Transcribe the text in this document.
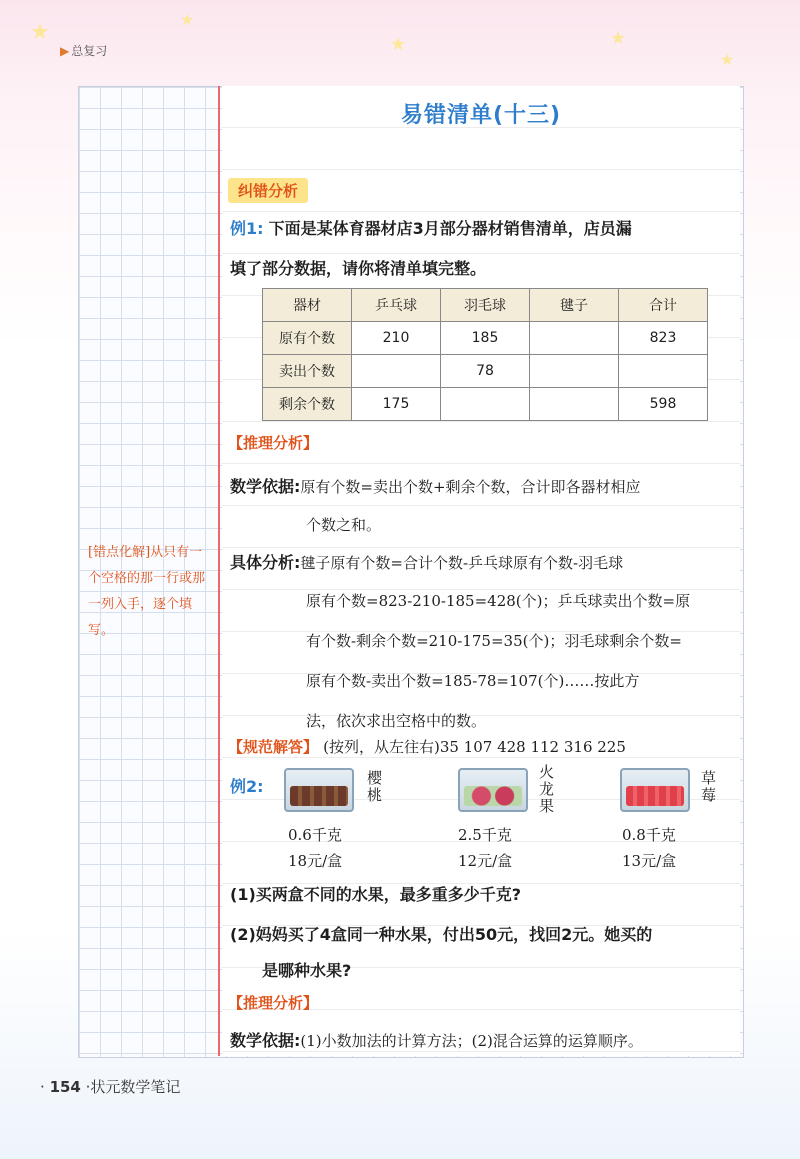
★
★
★	★
★
▶ 总复习
[错点化解]从只有一个空格的那一行或那一列入手，逐个填写。
易错清单(十三)
纠错分析
例1: 下面是某体育器材店3月部分器材销售清单，店员漏
填了部分数据，请你将清单填完整。
器材	乒乓球	羽毛球	毽子	合计
原有个数	210	185		823
卖出个数		78		
剩余个数	175			598
【推理分析】
数学依据:原有个数=卖出个数+剩余个数，合计即各器材相应
个数之和。
具体分析:毽子原有个数=合计个数-乒乓球原有个数-羽毛球
原有个数=823-210-185=428(个)；乒乓球卖出个数=原
有个数-剩余个数=210-175=35(个)；羽毛球剩余个数=
原有个数-卖出个数=185-78=107(个)……按此方
法，依次求出空格中的数。
【规范解答】 (按列，从左往右)35 107 428 112 316 225
例2:	樱桃
0.6千克
18元/盒
火龙果
2.5千克
12元/盒
草莓
0.8千克
13元/盒
(1)买两盒不同的水果，最多重多少千克?
(2)妈妈买了4盒同一种水果，付出50元，找回2元。她买的
是哪种水果?
【推理分析】
数学依据:(1)小数加法的计算方法；(2)混合运算的运算顺序。
· 154 ·状元数学笔记
